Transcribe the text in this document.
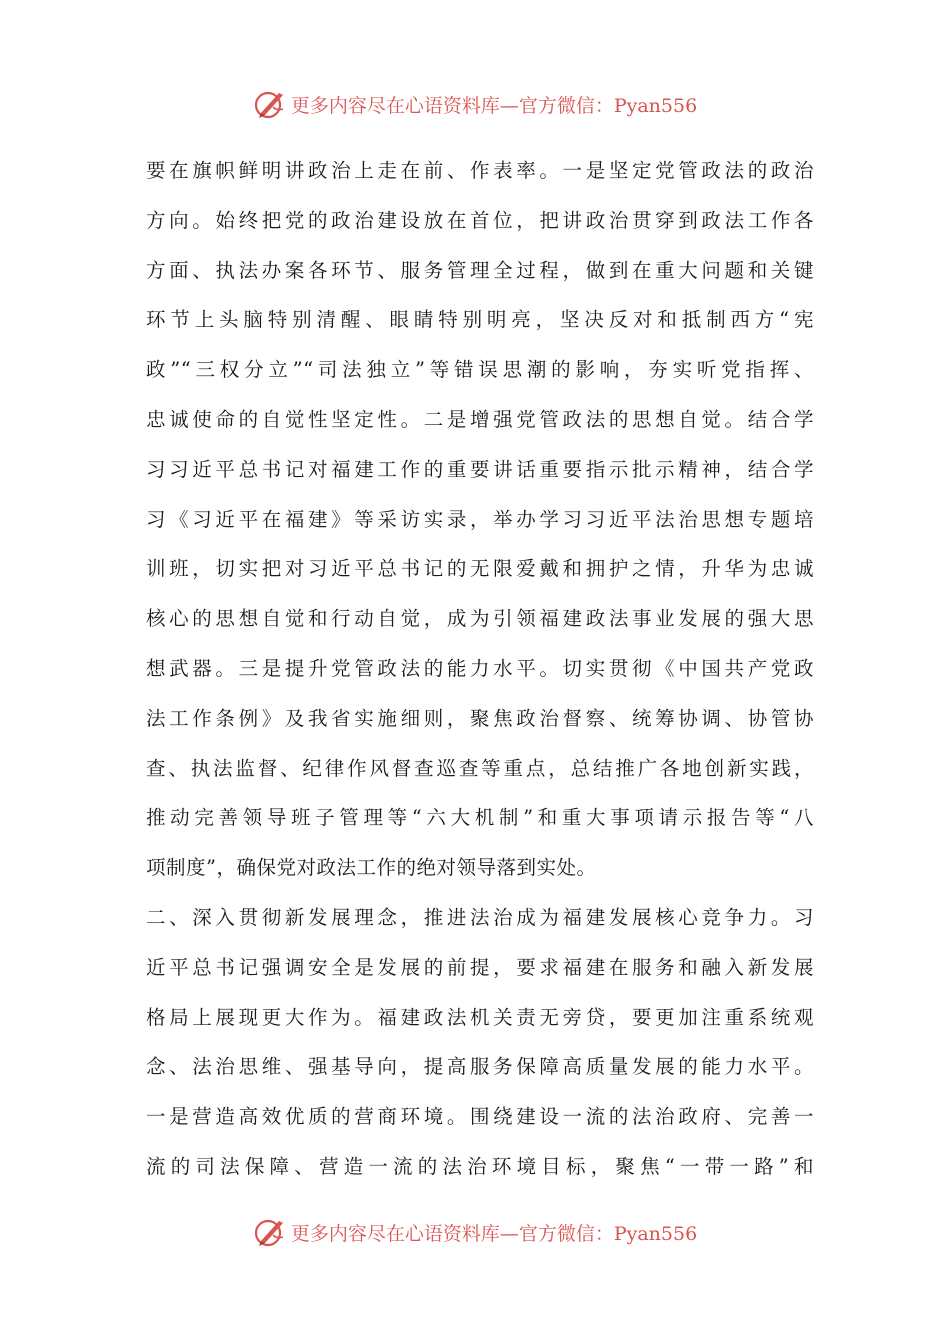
更多内容尽在心语资料库—官方微信：Pyan556
要在旗帜鲜明讲政治上走在前、作表率。一是坚定党管政法的政治
方向。始终把党的政治建设放在首位，把讲政治贯穿到政法工作各
方面、执法办案各环节、服务管理全过程，做到在重大问题和关键
环节上头脑特别清醒、眼睛特别明亮，坚决反对和抵制西方“宪
政”“三权分立”“司法独立”等错误思潮的影响，夯实听党指挥、
忠诚使命的自觉性坚定性。二是增强党管政法的思想自觉。结合学
习习近平总书记对福建工作的重要讲话重要指示批示精神，结合学
习《习近平在福建》等采访实录，举办学习习近平法治思想专题培
训班，切实把对习近平总书记的无限爱戴和拥护之情，升华为忠诚
核心的思想自觉和行动自觉，成为引领福建政法事业发展的强大思
想武器。三是提升党管政法的能力水平。切实贯彻《中国共产党政
法工作条例》及我省实施细则，聚焦政治督察、统筹协调、协管协
查、执法监督、纪律作风督查巡查等重点，总结推广各地创新实践，
推动完善领导班子管理等“六大机制”和重大事项请示报告等“八
项制度”，确保党对政法工作的绝对领导落到实处。
二、深入贯彻新发展理念，推进法治成为福建发展核心竞争力。习
近平总书记强调安全是发展的前提，要求福建在服务和融入新发展
格局上展现更大作为。福建政法机关责无旁贷，要更加注重系统观
念、法治思维、强基导向，提高服务保障高质量发展的能力水平。
一是营造高效优质的营商环境。围绕建设一流的法治政府、完善一
流的司法保障、营造一流的法治环境目标，聚焦“一带一路”和
更多内容尽在心语资料库—官方微信：Pyan556
